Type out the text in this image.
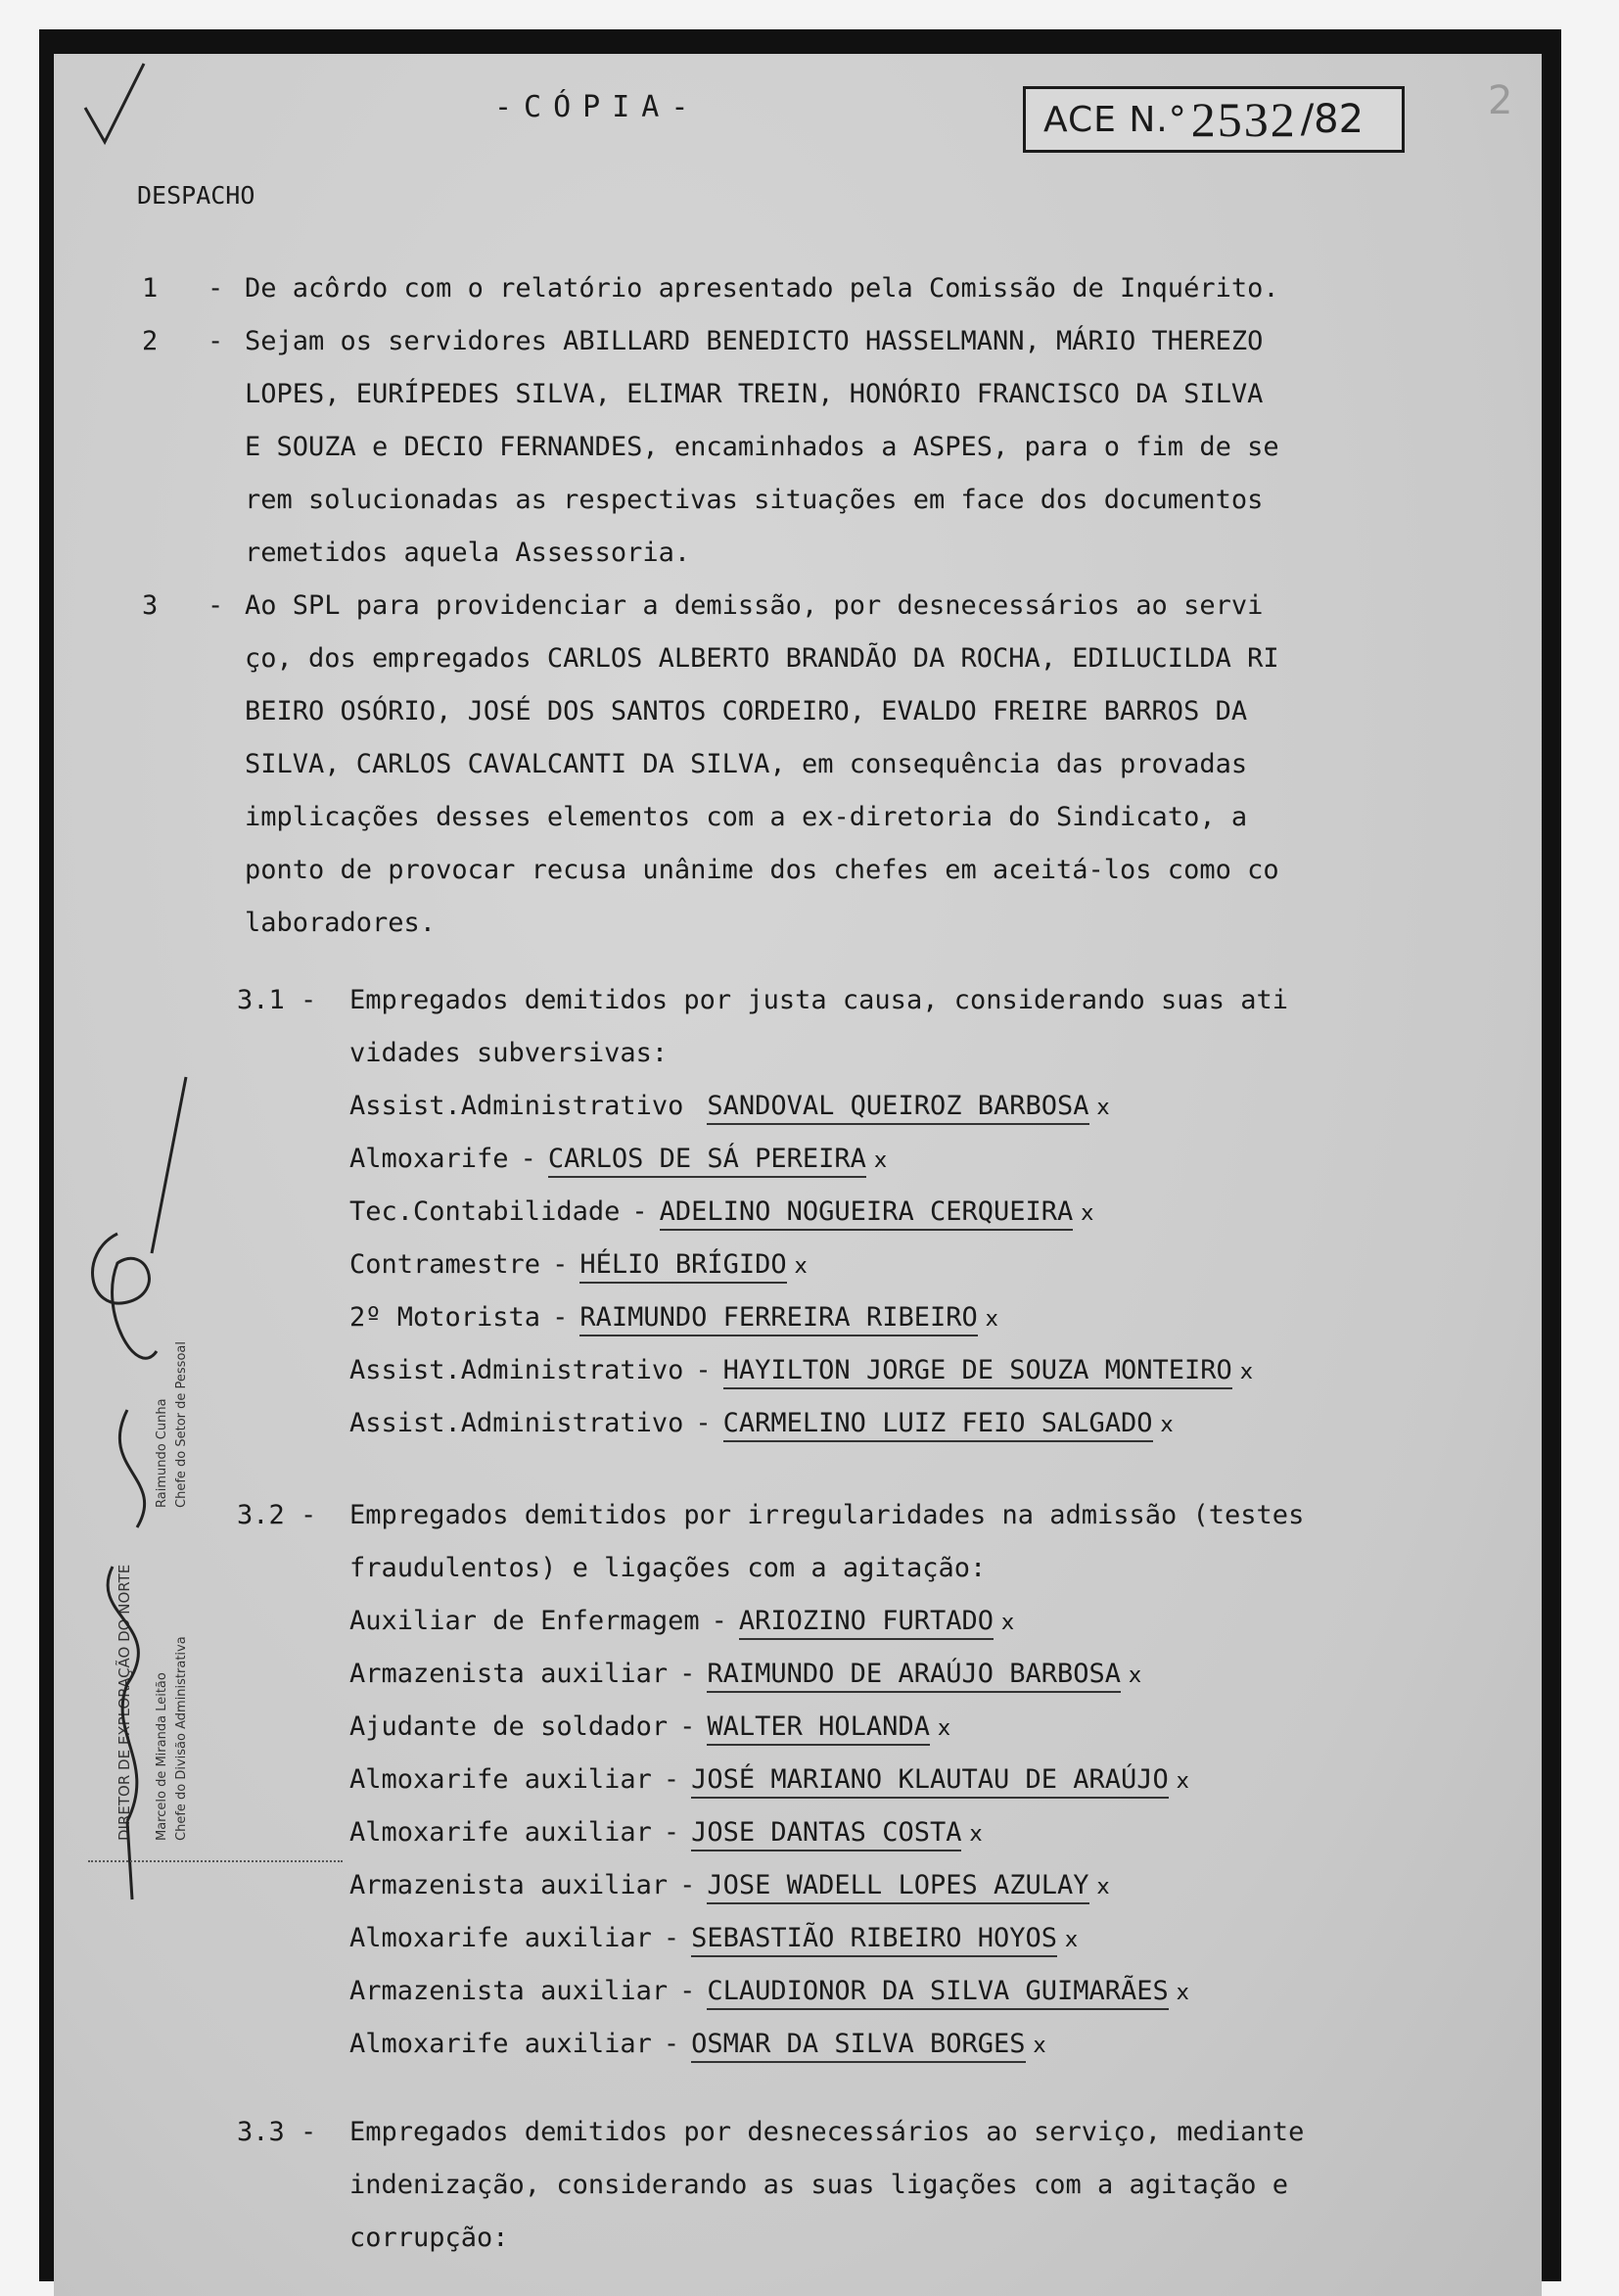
-CÓPIA-
DESPACHO
ACE N.° 2532 /82	2
1 - De acôrdo com o relatório apresentado pela Comissão de Inquérito.
2 - Sejam os servidores ABILLARD BENEDICTO HASSELMANN, MÁRIO THEREZO
LOPES, EURÍPEDES SILVA, ELIMAR TREIN, HONÓRIO FRANCISCO DA SILVA
E SOUZA e DECIO FERNANDES, encaminhados a ASPES, para o fim de se
rem solucionadas as respectivas situações em face dos documentos
remetidos aquela Assessoria.
3 - Ao SPL para providenciar a demissão, por desnecessários ao servi
ço, dos empregados CARLOS ALBERTO BRANDÃO DA ROCHA, EDILUCILDA RI
BEIRO OSÓRIO, JOSÉ DOS SANTOS CORDEIRO, EVALDO FREIRE BARROS DA
SILVA, CARLOS CAVALCANTI DA SILVA, em consequência das provadas
implicações desses elementos com a ex-diretoria do Sindicato, a
ponto de provocar recusa unânime dos chefes em aceitá-los como co
laboradores.
3.1 - Empregados demitidos por justa causa, considerando suas ati
vidades subversivas:
Assist.Administrativo SANDOVAL QUEIROZ BARBOSA x
Almoxarife - CARLOS DE SÁ PEREIRA x
Tec.Contabilidade - ADELINO NOGUEIRA CERQUEIRA x
Contramestre - HÉLIO BRÍGIDO x
2º Motorista - RAIMUNDO FERREIRA RIBEIRO x
Assist.Administrativo - HAYILTON JORGE DE SOUZA MONTEIRO x
Assist.Administrativo - CARMELINO LUIZ FEIO SALGADO x
3.2 - Empregados demitidos por irregularidades na admissão (testes
fraudulentos) e ligações com a agitação:
Auxiliar de Enfermagem - ARIOZINO FURTADO x
Armazenista auxiliar - RAIMUNDO DE ARAÚJO BARBOSA x
Ajudante de soldador - WALTER HOLANDA x
Almoxarife auxiliar - JOSÉ MARIANO KLAUTAU DE ARAÚJO x
Almoxarife auxiliar - JOSE DANTAS COSTA x
Armazenista auxiliar - JOSE WADELL LOPES AZULAY x
Almoxarife auxiliar - SEBASTIÃO RIBEIRO HOYOS x
Armazenista auxiliar - CLAUDIONOR DA SILVA GUIMARÃES x
Almoxarife auxiliar - OSMAR DA SILVA BORGES x
3.3 - Empregados demitidos por desnecessários ao serviço, mediante
indenização, considerando as suas ligações com a agitação e
corrupção:
DIRETOR DE EXPLORAÇÃO DO NORTE Marcelo de Miranda Leitão Chefe do Divisão Administrativa
Raimundo Cunha Chefe do Setor de Pessoal
